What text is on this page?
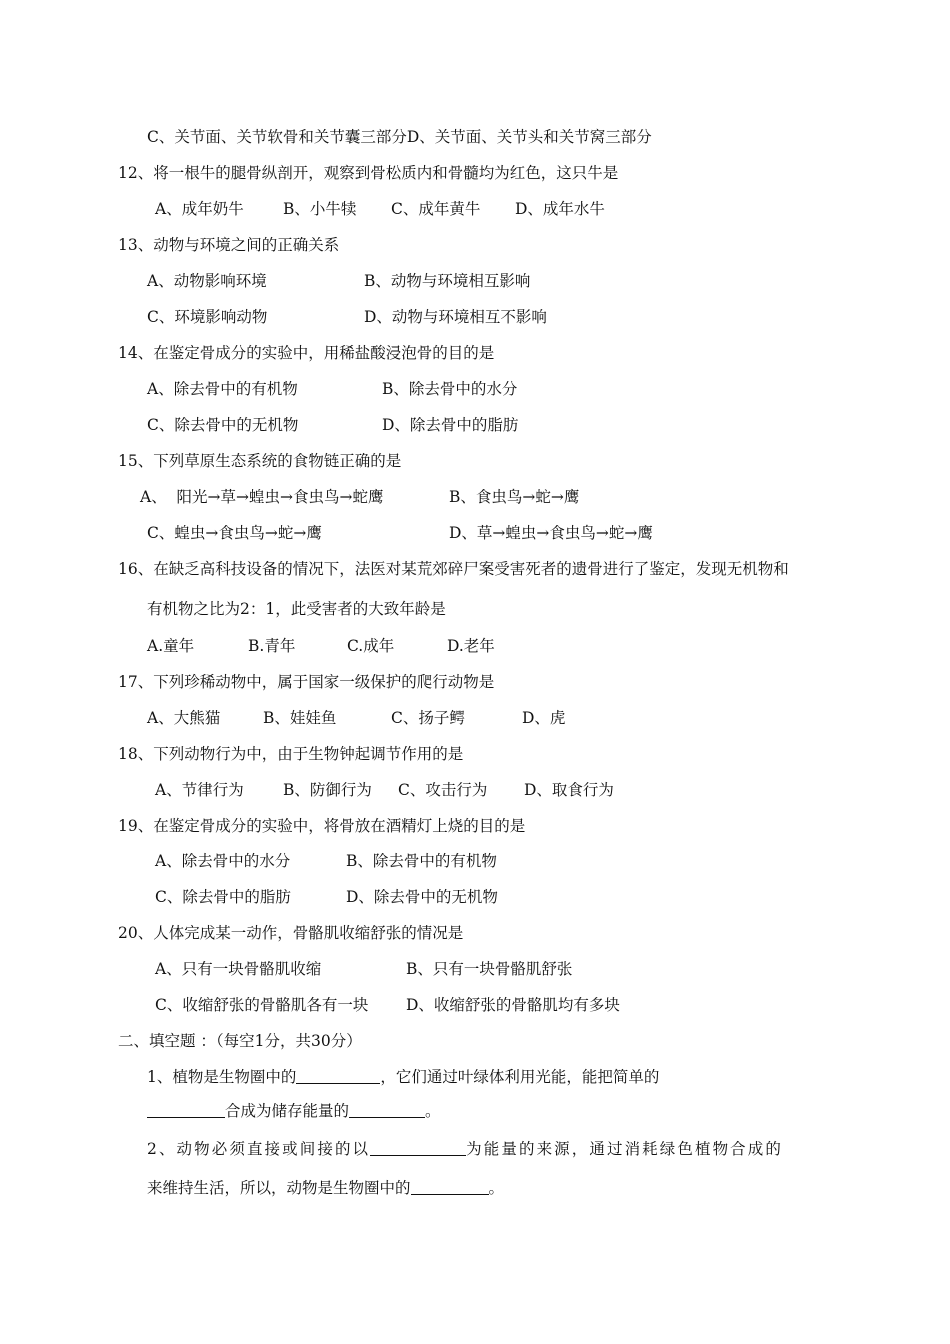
C、关节面、关节软骨和关节囊三部分D、关节面、关节头和关节窝三部分
12、将一根牛的腿骨纵剖开，观察到骨松质内和骨髓均为红色，这只牛是
A、成年奶牛	B、小牛犊 C、成年黄牛 D、成年水牛
13、动物与环境之间的正确关系
A、动物影响环境	B、动物与环境相互影响
C、环境影响动物	D、动物与环境相互不影响
14、在鉴定骨成分的实验中，用稀盐酸浸泡骨的目的是
A、除去骨中的有机物	B、除去骨中的水分
C、除去骨中的无机物	D、除去骨中的脂肪
15、下列草原生态系统的食物链正确的是
A、  阳光→草→蝗虫→食虫鸟→蛇鹰	B、食虫鸟→蛇→鹰
C、蝗虫→食虫鸟→蛇→鹰	D、草→蝗虫→食虫鸟→蛇→鹰
16、在缺乏高科技设备的情况下，法医对某荒郊碎尸案受害死者的遗骨进行了鉴定，发现无机物和
有机物之比为2：1，此受害者的大致年龄是
A.童年	B.青年	C.成年	D.老年
17、下列珍稀动物中，属于国家一级保护的爬行动物是
A、大熊猫	B、娃娃鱼	C、扬子鳄	D、虎
18、下列动物行为中，由于生物钟起调节作用的是
A、节律行为	B、防御行为 C、攻击行为 D、取食行为
19、在鉴定骨成分的实验中，将骨放在酒精灯上烧的目的是
A、除去骨中的水分	B、除去骨中的有机物
C、除去骨中的脂肪	D、除去骨中的无机物
20、人体完成某一动作，骨骼肌收缩舒张的情况是
A、只有一块骨骼肌收缩	B、只有一块骨骼肌舒张
C、收缩舒张的骨骼肌各有一块 D、收缩舒张的骨骼肌均有多块
二、填空题 ：（每空1分，共30分）
1、植物是生物圈中的	，它们通过叶绿体利用光能，能把简单的
合成为储存能量的	。
2、动物必须直接或间接的以	为能量的来源，通过消耗绿色植物合成的
来维持生活，所以，动物是生物圈中的	。
